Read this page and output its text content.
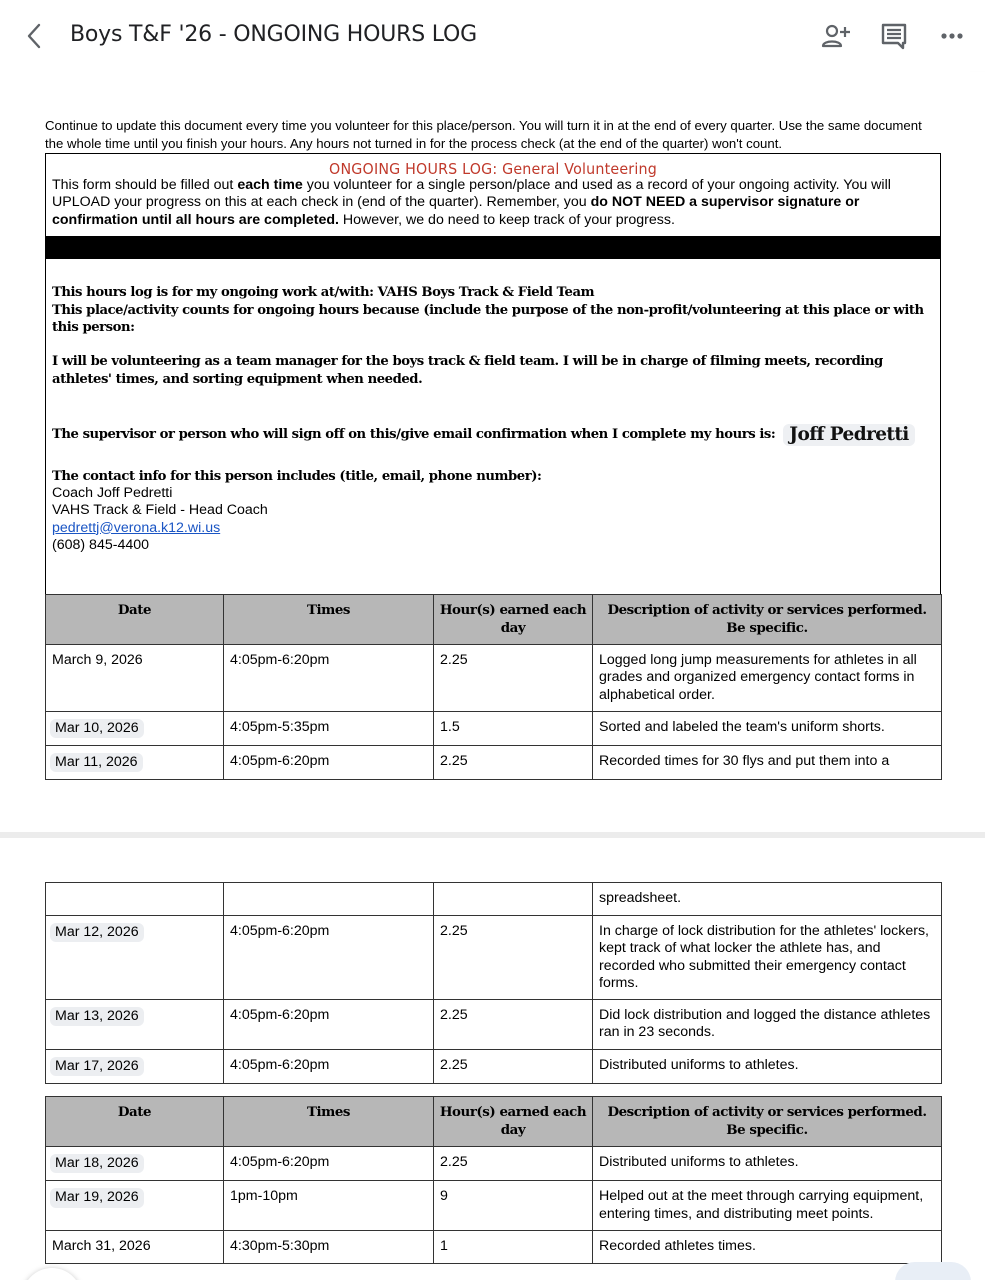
Boys T&F '26 - ONGOING HOURS LOG
Continue to update this document every time you volunteer for this place/person. You will turn it in at the end of every quarter. Use the same document the whole time until you finish your hours. Any hours not turned in for the process check (at the end of the quarter) won't count.
ONGOING HOURS LOG: General Volunteering
This form should be filled out each time you volunteer for a single person/place and used as a record of your ongoing activity. You will UPLOAD your progress on this at each check in (end of the quarter). Remember, you do NOT NEED a supervisor signature or confirmation until all hours are completed. However, we do need to keep track of your progress.
This hours log is for my ongoing work at/with: VAHS Boys Track & Field Team
This place/activity counts for ongoing hours because (include the purpose of the non-profit/volunteering at this place or with this person:
I will be volunteering as a team manager for the boys track & field team. I will be in charge of filming meets, recording athletes' times, and sorting equipment when needed.
The supervisor or person who will sign off on this/give email confirmation when I complete my hours is: Joff Pedretti
The contact info for this person includes (title, email, phone number):
Coach Joff Pedretti
VAHS Track & Field - Head Coach
pedrettj@verona.k12.wi.us
(608) 845-4400
Date	Times	Hour(s) earned each day	Description of activity or services performed. Be specific.
March 9, 2026	4:05pm-6:20pm	2.25	Logged long jump measurements for athletes in all grades and organized emergency contact forms in alphabetical order.
Mar 10, 2026	4:05pm-5:35pm	1.5	Sorted and labeled the team's uniform shorts.
Mar 11, 2026	4:05pm-6:20pm	2.25	Recorded times for 30 flys and put them into a
			spreadsheet.
Mar 12, 2026	4:05pm-6:20pm	2.25	In charge of lock distribution for the athletes' lockers, kept track of what locker the athlete has, and recorded who submitted their emergency contact forms.
Mar 13, 2026	4:05pm-6:20pm	2.25	Did lock distribution and logged the distance athletes ran in 23 seconds.
Mar 17, 2026	4:05pm-6:20pm	2.25	Distributed uniforms to athletes.
Date	Times	Hour(s) earned each day	Description of activity or services performed. Be specific.
Mar 18, 2026	4:05pm-6:20pm	2.25	Distributed uniforms to athletes.
Mar 19, 2026	1pm-10pm	9	Helped out at the meet through carrying equipment, entering times, and distributing meet points.
March 31, 2026	4:30pm-5:30pm	1	Recorded athletes times.
